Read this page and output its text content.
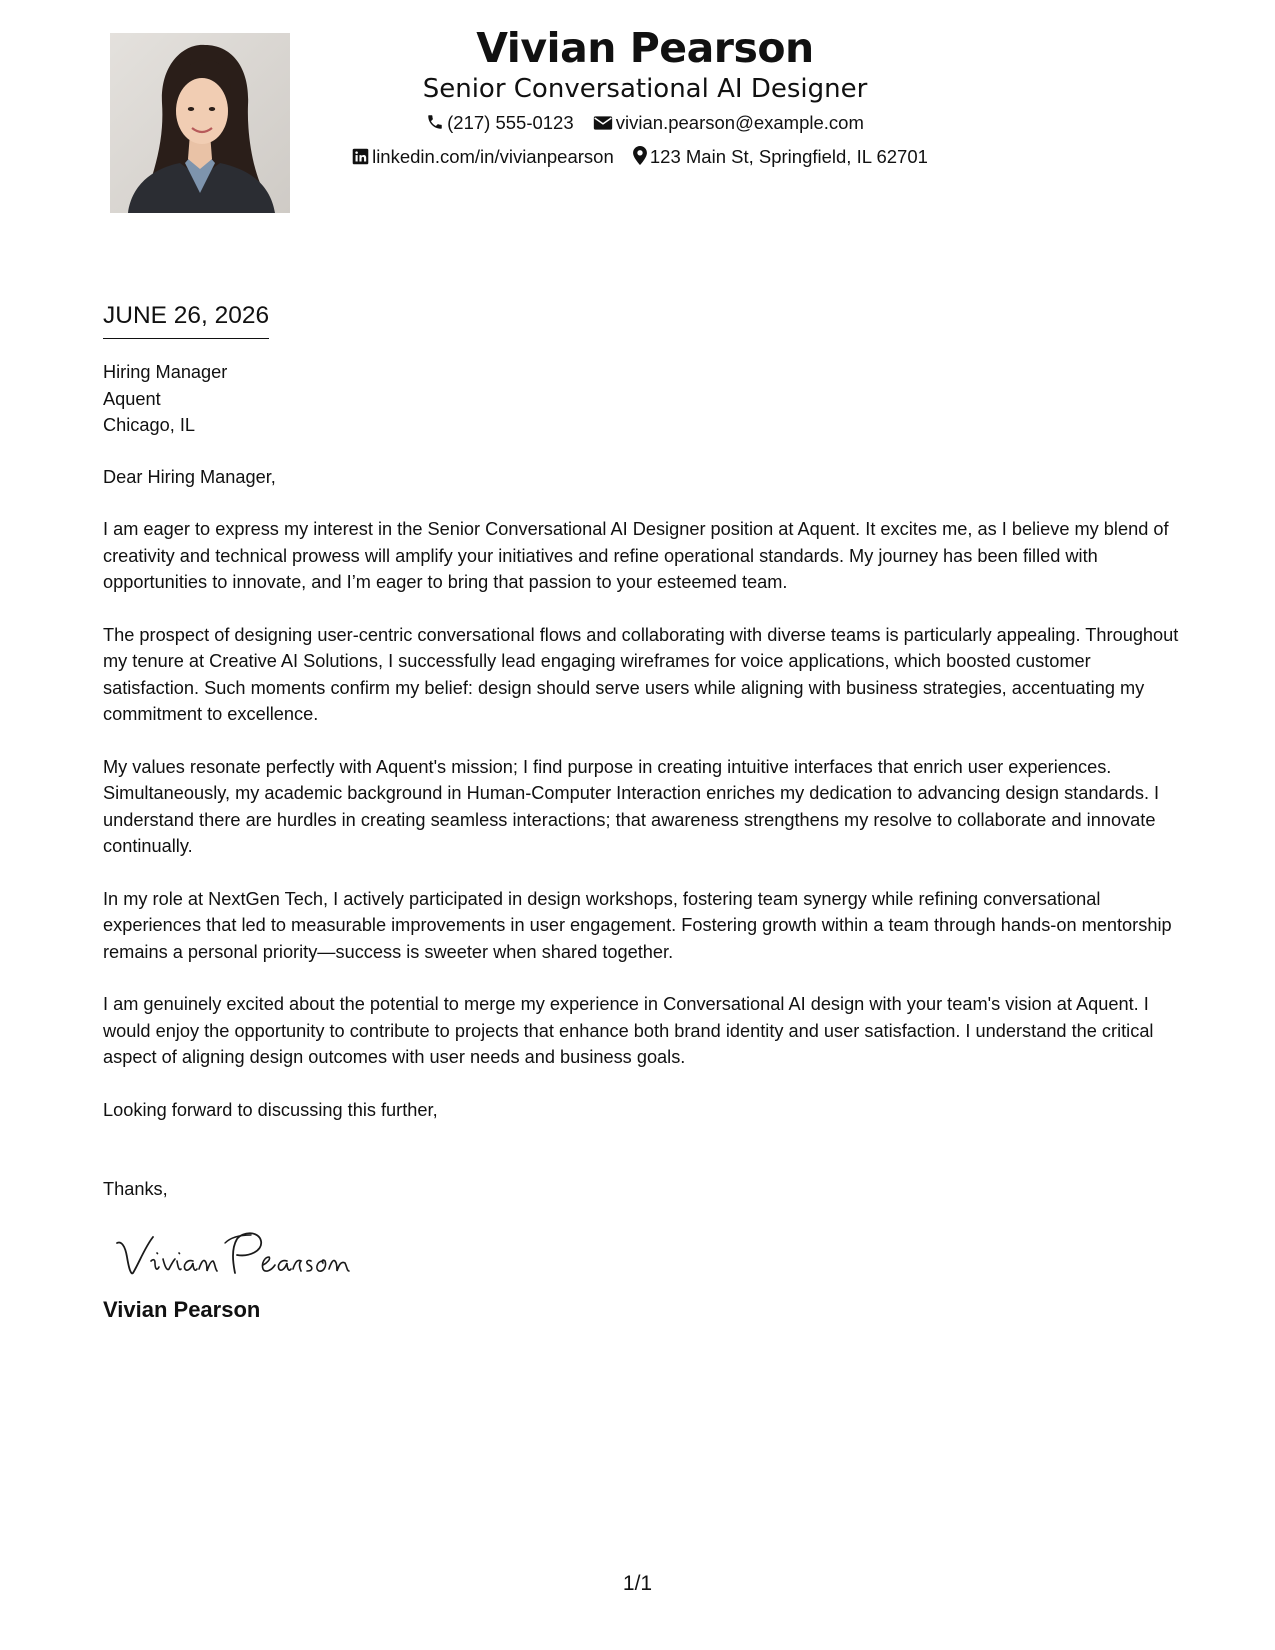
Vivian Pearson
Senior Conversational AI Designer
(217) 555-0123 vivian.pearson@example.com
linkedin.com/in/vivianpearson 123 Main St, Springfield, IL 62701
JUNE 26, 2026
Hiring Manager
Aquent
Chicago, IL
Dear Hiring Manager,
I am eager to express my interest in the Senior Conversational AI Designer position at Aquent. It excites me, as I believe my blend of creativity and technical prowess will amplify your initiatives and refine operational standards. My journey has been filled with opportunities to innovate, and I’m eager to bring that passion to your esteemed team.
The prospect of designing user-centric conversational flows and collaborating with diverse teams is particularly appealing. Throughout my tenure at Creative AI Solutions, I successfully lead engaging wireframes for voice applications, which boosted customer satisfaction. Such moments confirm my belief: design should serve users while aligning with business strategies, accentuating my commitment to excellence.
My values resonate perfectly with Aquent's mission; I find purpose in creating intuitive interfaces that enrich user experiences. Simultaneously, my academic background in Human-Computer Interaction enriches my dedication to advancing design standards. I understand there are hurdles in creating seamless interactions; that awareness strengthens my resolve to collaborate and innovate continually.
In my role at NextGen Tech, I actively participated in design workshops, fostering team synergy while refining conversational experiences that led to measurable improvements in user engagement. Fostering growth within a team through hands-on mentorship remains a personal priority—success is sweeter when shared together.
I am genuinely excited about the potential to merge my experience in Conversational AI design with your team's vision at Aquent. I would enjoy the opportunity to contribute to projects that enhance both brand identity and user satisfaction. I understand the critical aspect of aligning design outcomes with user needs and business goals.
Looking forward to discussing this further,
Thanks,
Vivian Pearson
1/1
